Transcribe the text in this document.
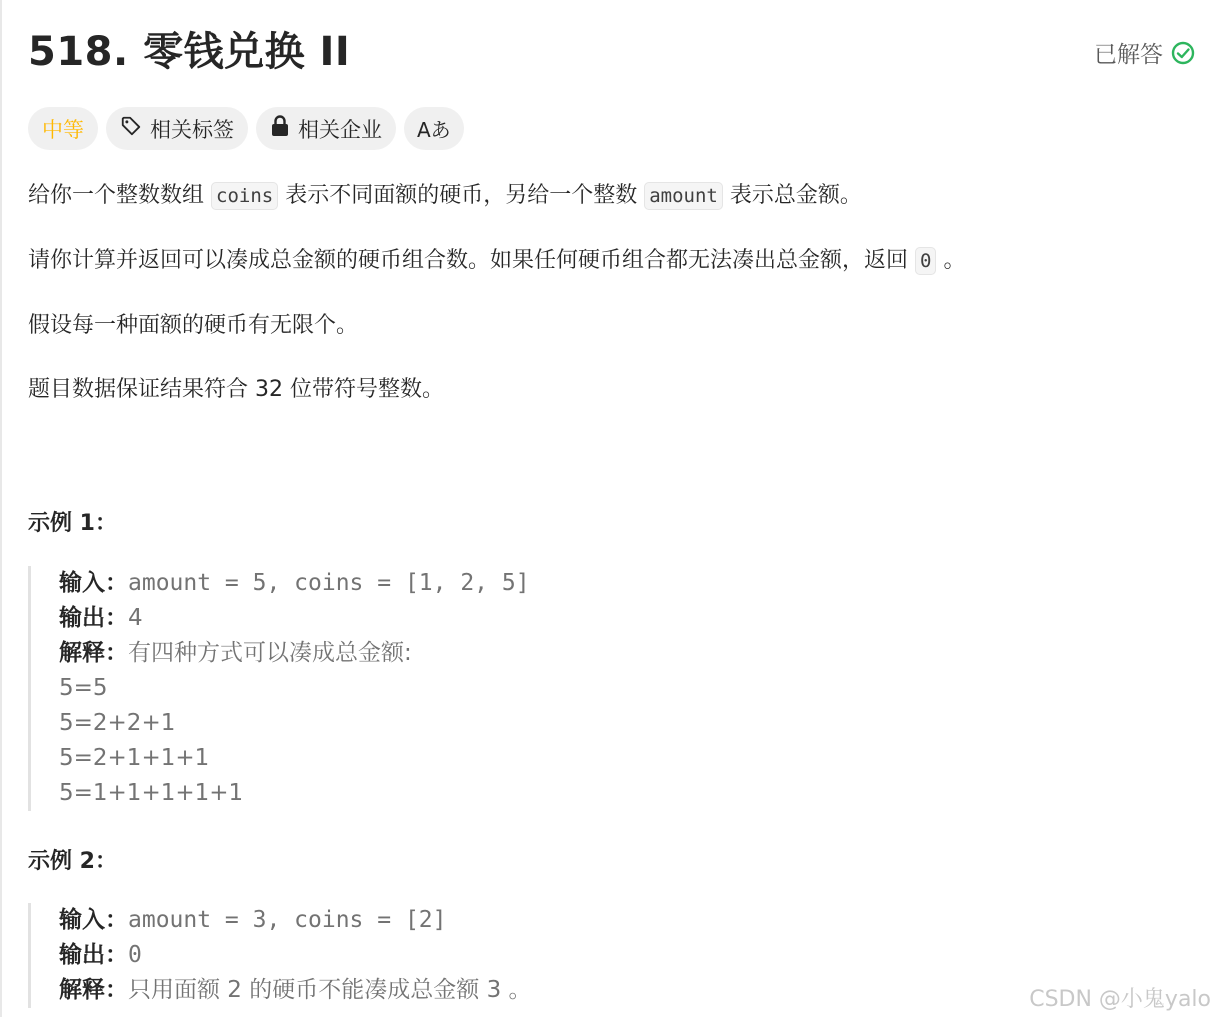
518. 零钱兑换 II	已解答
中等	相关标签	相关企业 Aあ

给你一个整数数组 coins 表示不同面额的硬币，另给一个整数 amount 表示总金额。

请你计算并返回可以凑成总金额的硬币组合数。如果任何硬币组合都无法凑出总金额，返回 0 。

假设每一种面额的硬币有无限个。

题目数据保证结果符合 32 位带符号整数。

示例 1：
输入：amount = 5, coins = [1, 2, 5]
输出：4
解释：有四种方式可以凑成总金额:
5=5
5=2+2+1
5=2+1+1+1
5=1+1+1+1+1
示例 2：
输入：amount = 3, coins = [2]
输出：0
解释：只用面额 2 的硬币不能凑成总金额 3 。	CSDN @小鬼yalo
